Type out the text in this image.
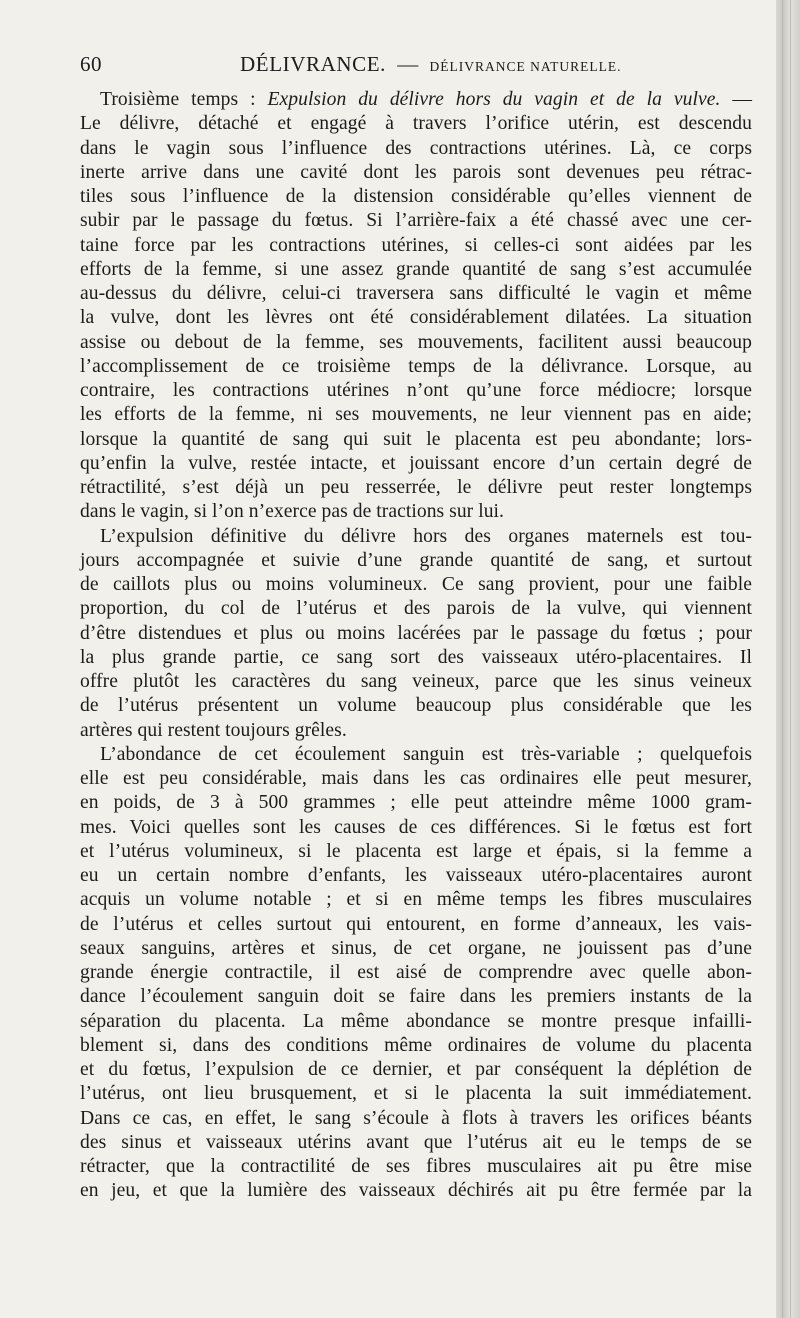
60	DÉLIVRANCE. — DÉLIVRANCE NATURELLE.
Troisième temps : Expulsion du délivre hors du vagin et de la vulve. —
Le délivre, détaché et engagé à travers l’orifice utérin, est descendu
dans le vagin sous l’influence des contractions utérines. Là, ce corps
inerte arrive dans une cavité dont les parois sont devenues peu rétrac-
tiles sous l’influence de la distension considérable qu’elles viennent de
subir par le passage du fœtus. Si l’arrière-faix a été chassé avec une cer-
taine force par les contractions utérines, si celles-ci sont aidées par les
efforts de la femme, si une assez grande quantité de sang s’est accumulée
au-dessus du délivre, celui-ci traversera sans difficulté le vagin et même
la vulve, dont les lèvres ont été considérablement dilatées. La situation
assise ou debout de la femme, ses mouvements, facilitent aussi beaucoup
l’accomplissement de ce troisième temps de la délivrance. Lorsque, au
contraire, les contractions utérines n’ont qu’une force médiocre; lorsque
les efforts de la femme, ni ses mouvements, ne leur viennent pas en aide;
lorsque la quantité de sang qui suit le placenta est peu abondante; lors-
qu’enfin la vulve, restée intacte, et jouissant encore d’un certain degré de
rétractilité, s’est déjà un peu resserrée, le délivre peut rester longtemps
dans le vagin, si l’on n’exerce pas de tractions sur lui.
L’expulsion définitive du délivre hors des organes maternels est tou-
jours accompagnée et suivie d’une grande quantité de sang, et surtout
de caillots plus ou moins volumineux. Ce sang provient, pour une faible
proportion, du col de l’utérus et des parois de la vulve, qui viennent
d’être distendues et plus ou moins lacérées par le passage du fœtus ; pour
la plus grande partie, ce sang sort des vaisseaux utéro-placentaires. Il
offre plutôt les caractères du sang veineux, parce que les sinus veineux
de l’utérus présentent un volume beaucoup plus considérable que les
artères qui restent toujours grêles.
L’abondance de cet écoulement sanguin est très-variable ; quelquefois
elle est peu considérable, mais dans les cas ordinaires elle peut mesurer,
en poids, de 3 à 500 grammes ; elle peut atteindre même 1000 gram-
mes. Voici quelles sont les causes de ces différences. Si le fœtus est fort
et l’utérus volumineux, si le placenta est large et épais, si la femme a
eu un certain nombre d’enfants, les vaisseaux utéro-placentaires auront
acquis un volume notable ; et si en même temps les fibres musculaires
de l’utérus et celles surtout qui entourent, en forme d’anneaux, les vais-
seaux sanguins, artères et sinus, de cet organe, ne jouissent pas d’une
grande énergie contractile, il est aisé de comprendre avec quelle abon-
dance l’écoulement sanguin doit se faire dans les premiers instants de la
séparation du placenta. La même abondance se montre presque infailli-
blement si, dans des conditions même ordinaires de volume du placenta
et du fœtus, l’expulsion de ce dernier, et par conséquent la déplétion de
l’utérus, ont lieu brusquement, et si le placenta la suit immédiatement.
Dans ce cas, en effet, le sang s’écoule à flots à travers les orifices béants
des sinus et vaisseaux utérins avant que l’utérus ait eu le temps de se
rétracter, que la contractilité de ses fibres musculaires ait pu être mise
en jeu, et que la lumière des vaisseaux déchirés ait pu être fermée par la
